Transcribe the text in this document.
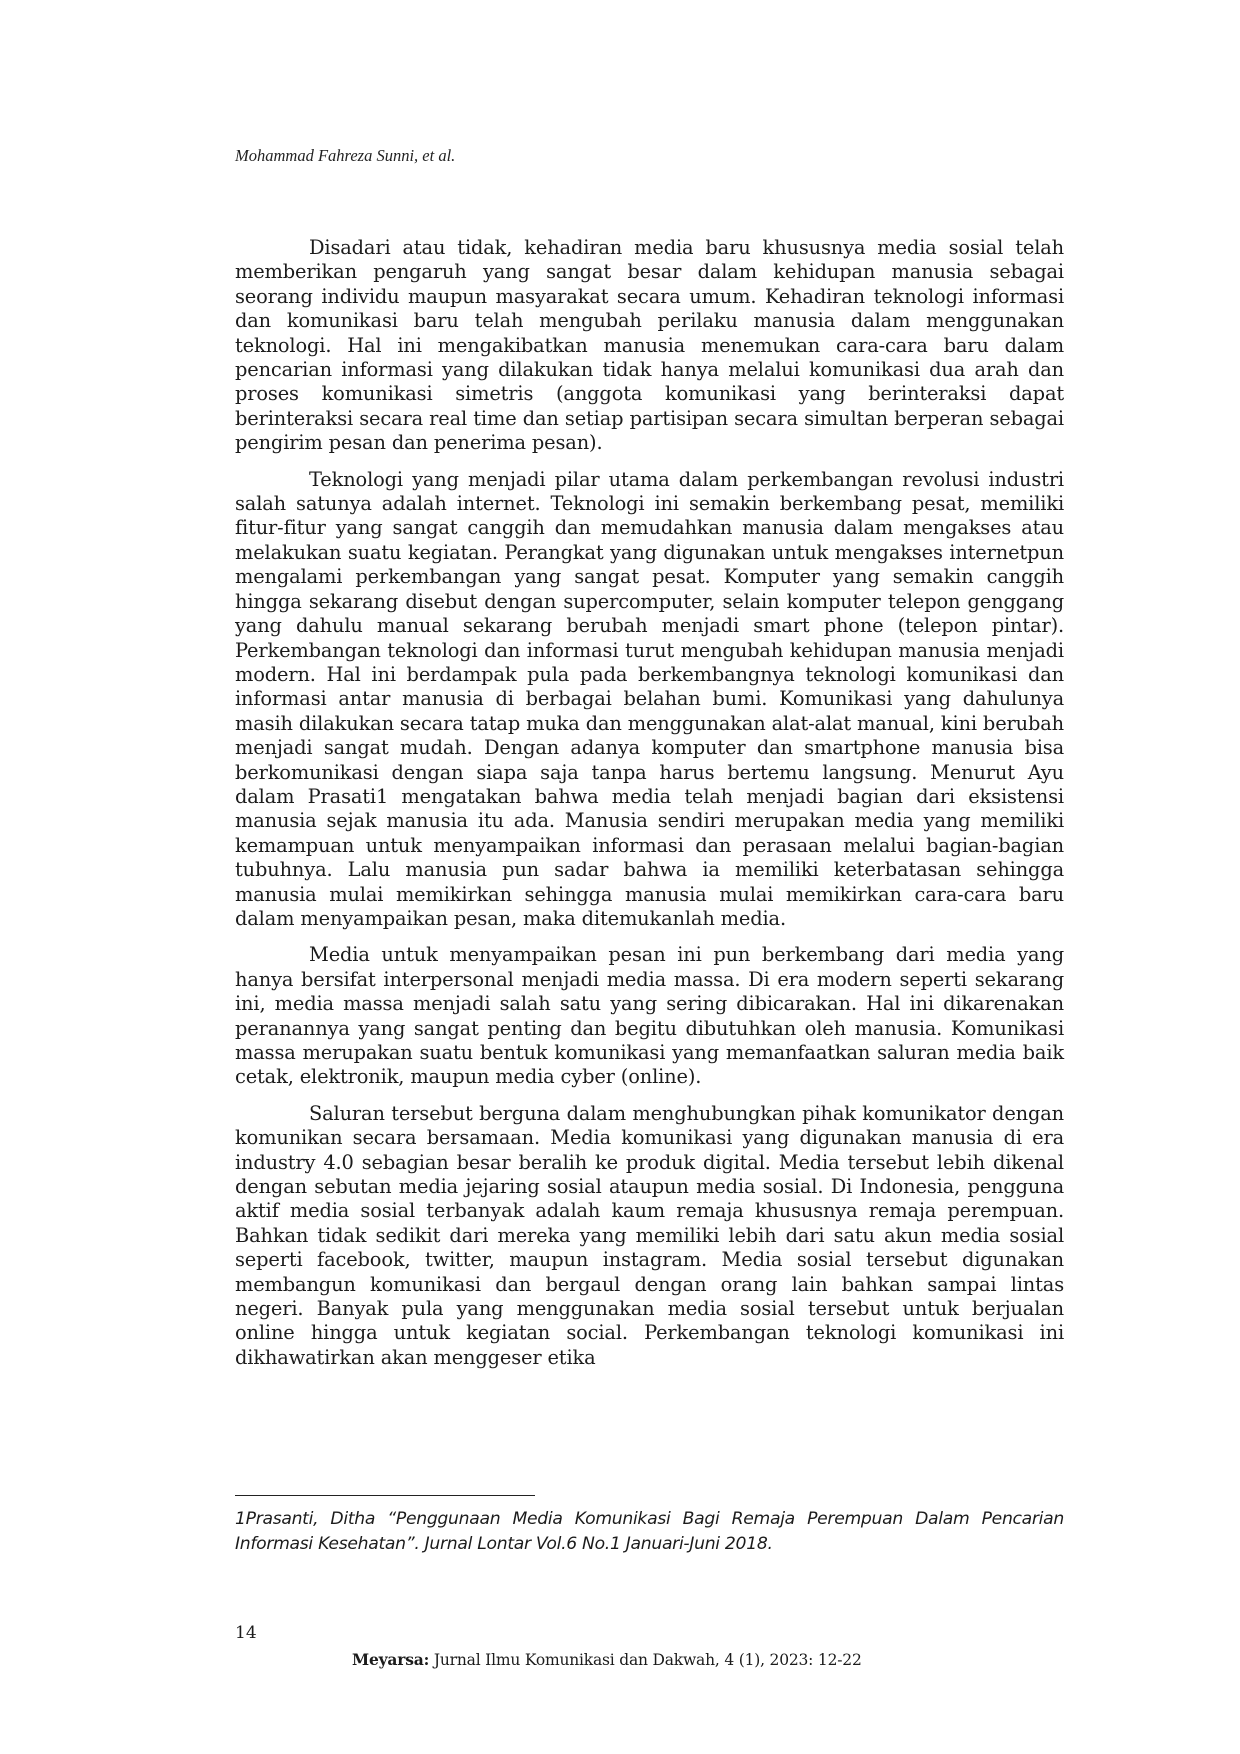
Mohammad Fahreza Sunni, et al.

Disadari atau tidak, kehadiran media baru khususnya media sosial telah memberikan pengaruh yang sangat besar dalam kehidupan manusia sebagai seorang individu maupun masyarakat secara umum. Kehadiran teknologi informasi dan komunikasi baru telah mengubah perilaku manusia dalam menggunakan teknologi. Hal ini mengakibatkan manusia menemukan cara-cara baru dalam pencarian informasi yang dilakukan tidak hanya melalui komunikasi dua arah dan proses komunikasi simetris (anggota komunikasi yang berinteraksi dapat berinteraksi secara real time dan setiap partisipan secara simultan berperan sebagai pengirim pesan dan penerima pesan).

Teknologi yang menjadi pilar utama dalam perkembangan revolusi industri salah satunya adalah internet. Teknologi ini semakin berkembang pesat, memiliki fitur-fitur yang sangat canggih dan memudahkan manusia dalam mengakses atau melakukan suatu kegiatan. Perangkat yang digunakan untuk mengakses internetpun mengalami perkembangan yang sangat pesat. Komputer yang semakin canggih hingga sekarang disebut dengan supercomputer, selain komputer telepon genggang yang dahulu manual sekarang berubah menjadi smart phone (telepon pintar). Perkembangan teknologi dan informasi turut mengubah kehidupan manusia menjadi modern. Hal ini berdampak pula pada berkembangnya teknologi komunikasi dan informasi antar manusia di berbagai belahan bumi. Komunikasi yang dahulunya masih dilakukan secara tatap muka dan menggunakan alat-alat manual, kini berubah menjadi sangat mudah. Dengan adanya komputer dan smartphone manusia bisa berkomunikasi dengan siapa saja tanpa harus bertemu langsung. Menurut Ayu dalam Prasati1 mengatakan bahwa media telah menjadi bagian dari eksistensi manusia sejak manusia itu ada. Manusia sendiri merupakan media yang memiliki kemampuan untuk menyampaikan informasi dan perasaan melalui bagian-bagian tubuhnya. Lalu manusia pun sadar bahwa ia memiliki keterbatasan sehingga manusia mulai memikirkan sehingga manusia mulai memikirkan cara-cara baru dalam menyampaikan pesan, maka ditemukanlah media.

Media untuk menyampaikan pesan ini pun berkembang dari media yang hanya bersifat interpersonal menjadi media massa. Di era modern seperti sekarang ini, media massa menjadi salah satu yang sering dibicarakan. Hal ini dikarenakan peranannya yang sangat penting dan begitu dibutuhkan oleh manusia. Komunikasi massa merupakan suatu bentuk komunikasi yang memanfaatkan saluran media baik cetak, elektronik, maupun media cyber (online).

Saluran tersebut berguna dalam menghubungkan pihak komunikator dengan komunikan secara bersamaan. Media komunikasi yang digunakan manusia di era industry 4.0 sebagian besar beralih ke produk digital. Media tersebut lebih dikenal dengan sebutan media jejaring sosial ataupun media sosial. Di Indonesia, pengguna aktif media sosial terbanyak adalah kaum remaja khususnya remaja perempuan. Bahkan tidak sedikit dari mereka yang memiliki lebih dari satu akun media sosial seperti facebook, twitter, maupun instagram. Media sosial tersebut digunakan membangun komunikasi dan bergaul dengan orang lain bahkan sampai lintas negeri. Banyak pula yang menggunakan media sosial tersebut untuk berjualan online hingga untuk kegiatan social. Perkembangan teknologi komunikasi ini dikhawatirkan akan menggeser etika

1Prasanti, Ditha “Penggunaan Media Komunikasi Bagi Remaja Perempuan Dalam Pencarian Informasi Kesehatan”. Jurnal Lontar Vol.6 No.1 Januari-Juni 2018.

14
Meyarsa: Jurnal Ilmu Komunikasi dan Dakwah, 4 (1), 2023: 12-22
